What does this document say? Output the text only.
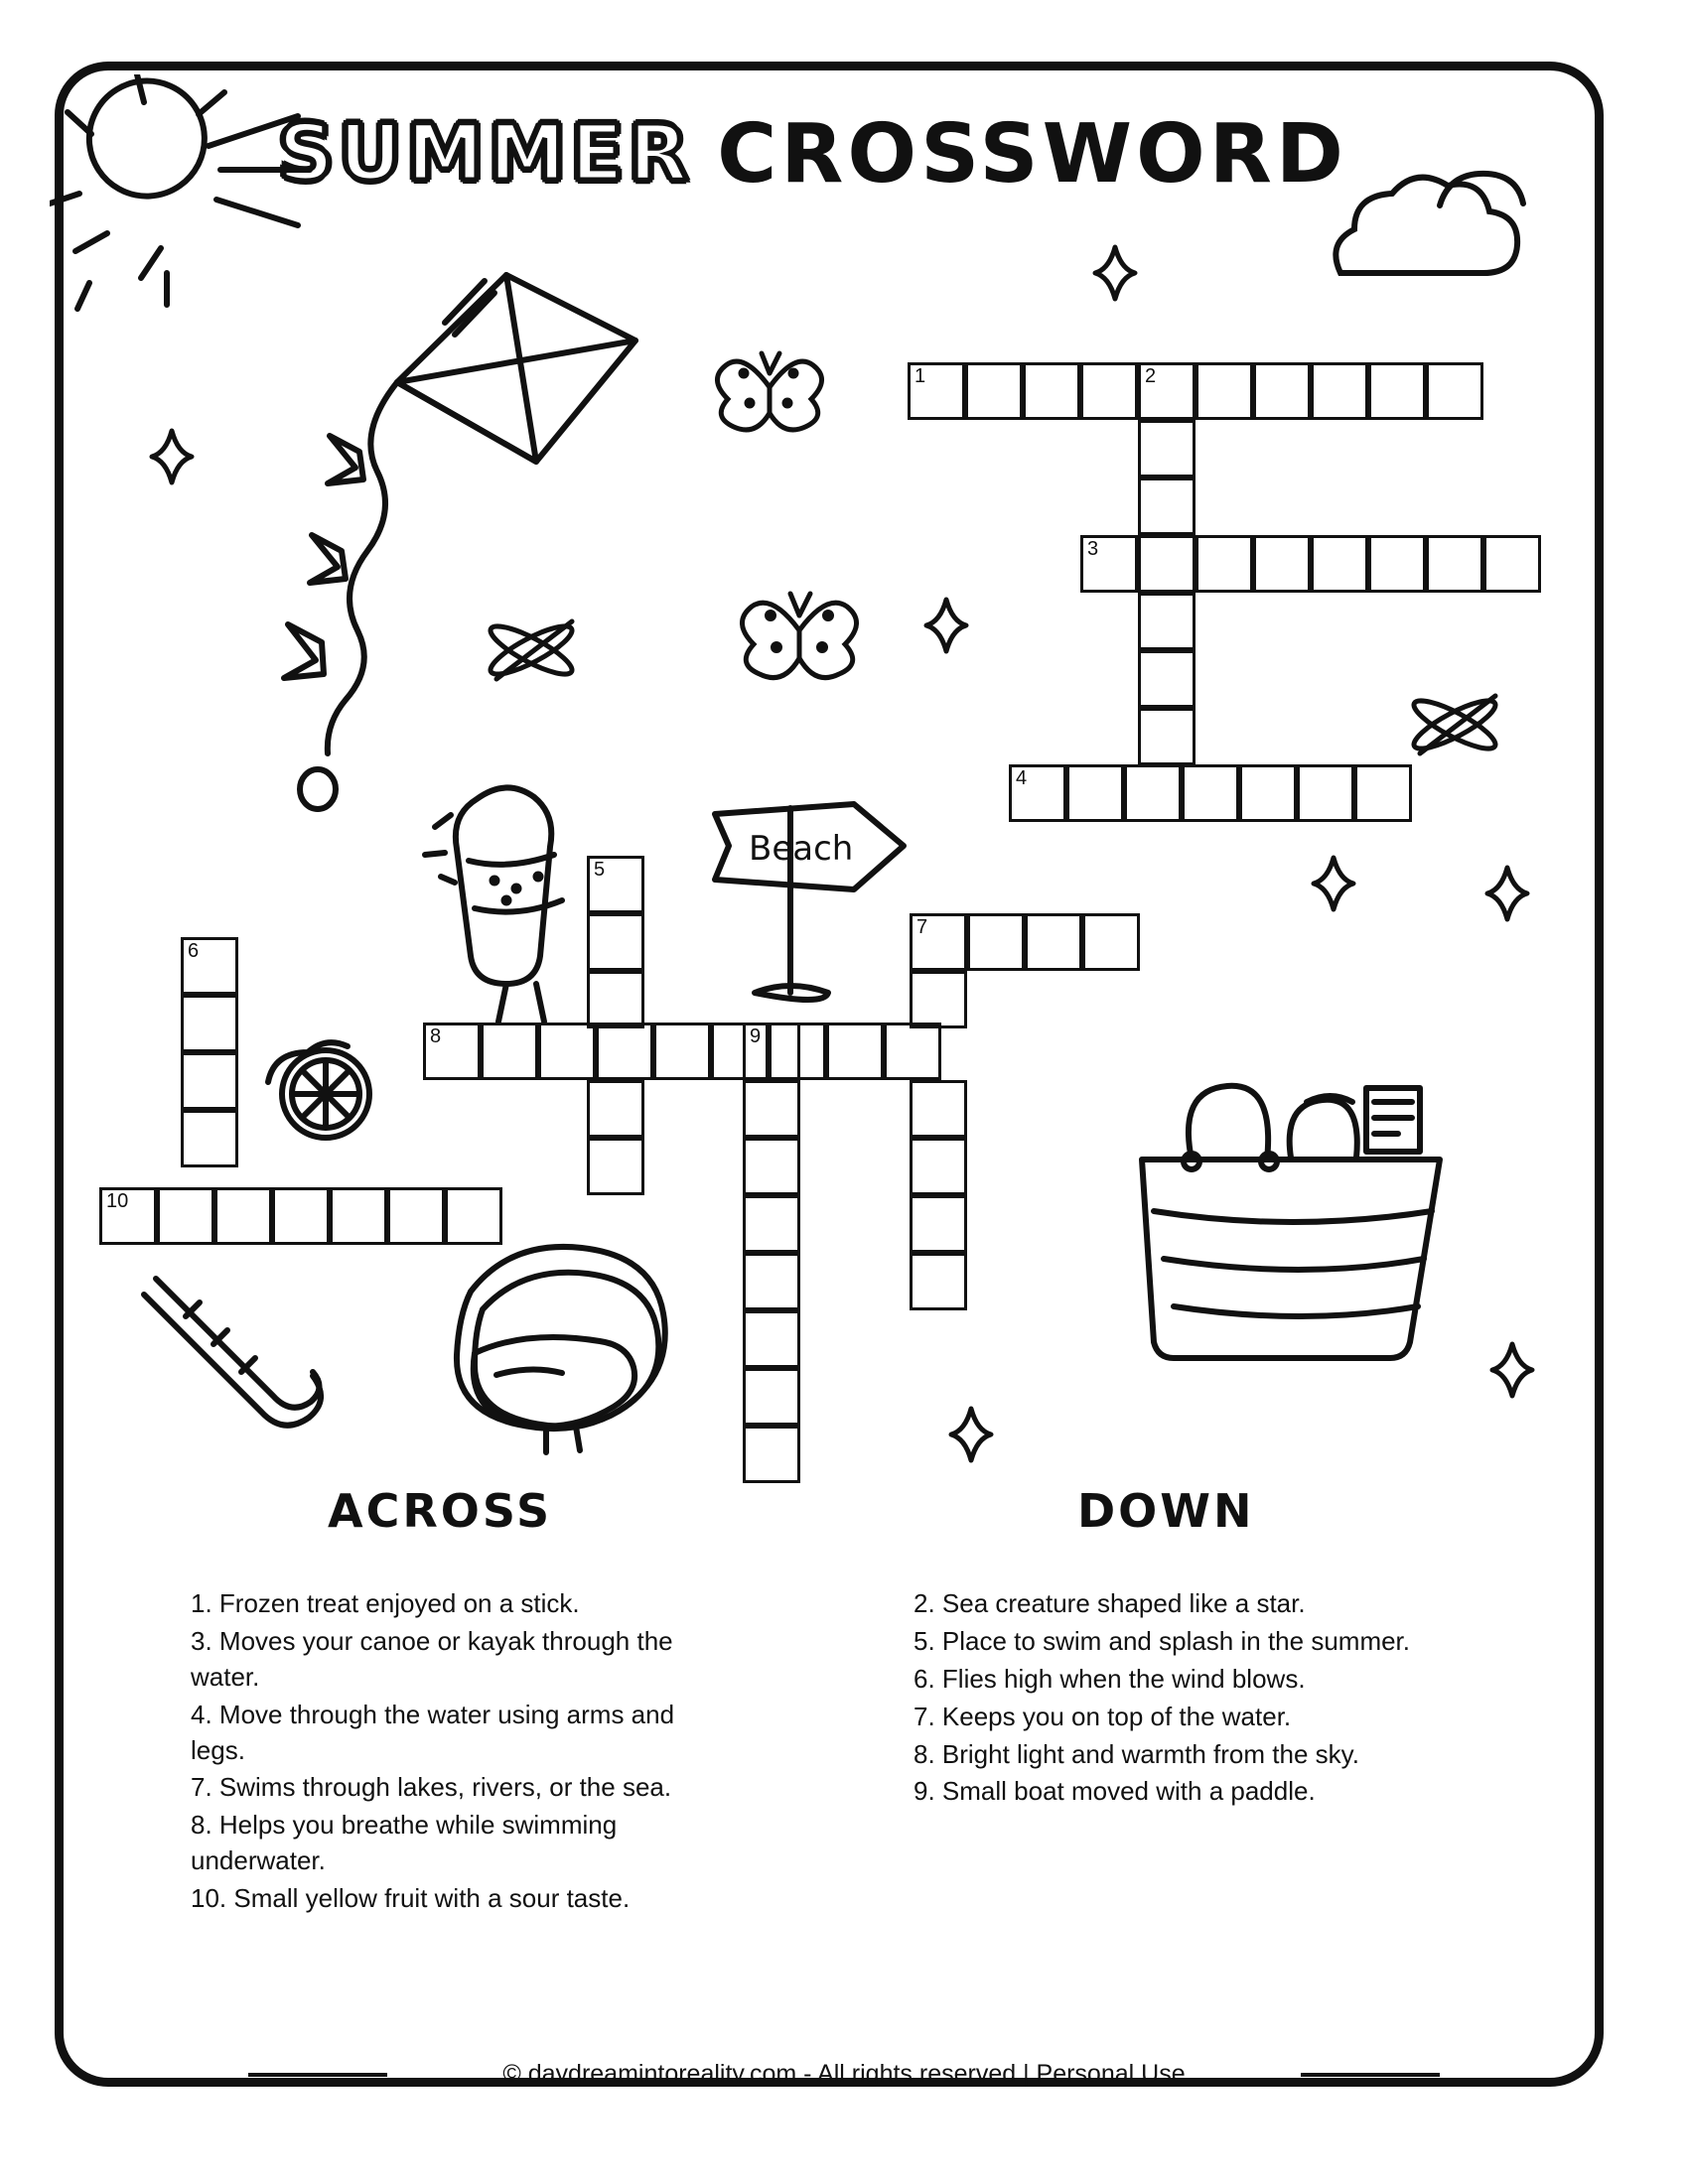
SUMMER CROSSWORD
Beach
1	2
3
4
5
7
6
8	9
10
ACROSS	DOWN

1. Frozen treat enjoyed on a stick.

3. Moves your canoe or kayak through the water.

4. Move through the water using arms and legs.

7. Swims through lakes, rivers, or the sea.

8. Helps you breathe while swimming underwater.

10. Small yellow fruit with a sour taste.

2. Sea creature shaped like a star.

5. Place to swim and splash in the summer.

6. Flies high when the wind blows.

7. Keeps you on top of the water.

8. Bright light and warmth from the sky.

9. Small boat moved with a paddle.

© daydreamintoreality.com - All rights reserved | Personal Use
